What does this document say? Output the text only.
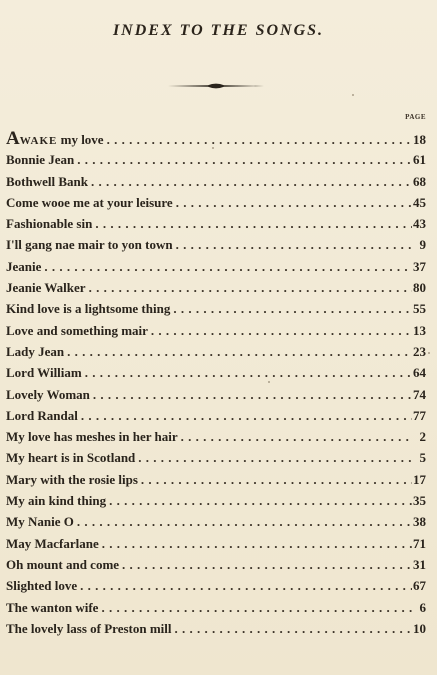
INDEX TO THE SONGS.
PAGE
AWAKE my love . . .	18
Bonnie Jean . . .	61
Bothwell Bank . . .	68
Come wooe me at your leisure . . .	45
Fashionable sin . . .	43
I'll gang nae mair to yon town . . .	9
Jeanie . . .	37
Jeanie Walker . . .	80
Kind love is a lightsome thing . . .	55
Love and something mair . . .	13
Lady Jean . . .	23
Lord William . . .	64
Lovely Woman . . .	74
Lord Randal . . .	77
My love has meshes in her hair . . .	2
My heart is in Scotland . . .	5
Mary with the rosie lips . . .	17
My ain kind thing . . .	35
My Nanie O . . .	38
May Macfarlane . . .	71
Oh mount and come . . .	31
Slighted love . . .	67
The wanton wife . . .	6
The lovely lass of Preston mill . . .	10
